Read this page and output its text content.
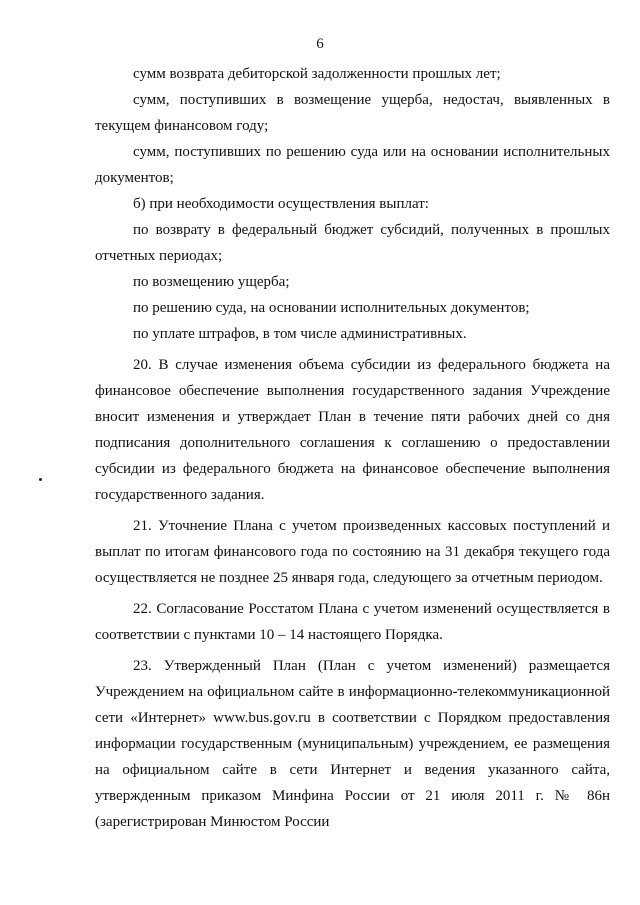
6

сумм возврата дебиторской задолженности прошлых лет;

сумм, поступивших в возмещение ущерба, недостач, выявленных в текущем финансовом году;

сумм, поступивших по решению суда или на основании исполнительных документов;

б) при необходимости осуществления выплат:

по возврату в федеральный бюджет субсидий, полученных в прошлых отчетных периодах;

по возмещению ущерба;

по решению суда, на основании исполнительных документов;

по уплате штрафов, в том числе административных.

20. В случае изменения объема субсидии из федерального бюджета на финансовое обеспечение выполнения государственного задания Учреждение вносит изменения и утверждает План в течение пяти рабочих дней со дня подписания дополнительного соглашения к соглашению о предоставлении субсидии из федерального бюджета на финансовое обеспечение выполнения государственного задания.

21. Уточнение Плана с учетом произведенных кассовых поступлений и выплат по итогам финансового года по состоянию на 31 декабря текущего года осуществляется не позднее 25 января года, следующего за отчетным периодом.

22. Согласование Росстатом Плана с учетом изменений осуществляется в соответствии с пунктами 10 – 14 настоящего Порядка.

23. Утвержденный План (План с учетом изменений) размещается Учреждением на официальном сайте в информационно-телекоммуникационной сети «Интернет» www.bus.gov.ru в соответствии с Порядком предоставления информации государственным (муниципальным) учреждением, ее размещения на официальном сайте в сети Интернет и ведения указанного сайта, утвержденным приказом Минфина России от 21 июля 2011 г. № 86н (зарегистрирован Минюстом России
